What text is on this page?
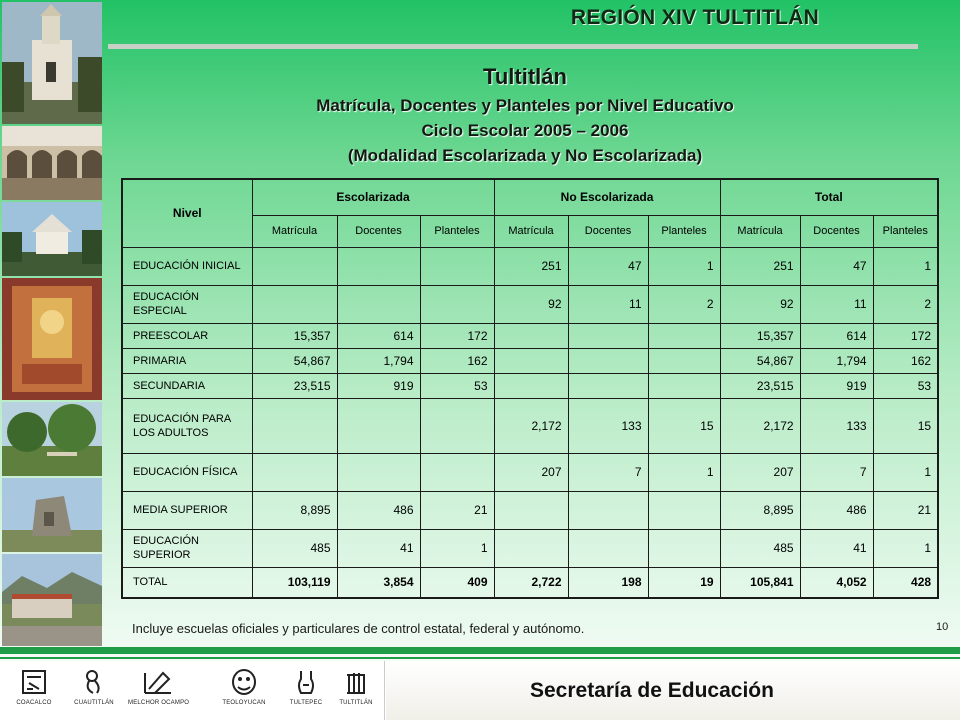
REGIÓN XIV TULTITLÁN
Tultitlán
Matrícula, Docentes y Planteles por Nivel Educativo
Ciclo Escolar 2005 – 2006
(Modalidad Escolarizada y No Escolarizada)
Nivel	Escolarizada			No Escolarizada			Total		
	Matrícula	Docentes	Planteles	Matrícula	Docentes	Planteles	Matrícula	Docentes	Planteles
EDUCACIÓN INICIAL				251	47	1	251	47	1
EDUCACIÓN ESPECIAL				92	11	2	92	11	2
PREESCOLAR	15,357	614	172				15,357	614	172
PRIMARIA	54,867	1,794	162				54,867	1,794	162
SECUNDARIA	23,515	919	53				23,515	919	53
EDUCACIÓN PARA LOS ADULTOS				2,172	133	15	2,172	133	15
EDUCACIÓN FÍSICA				207	7	1	207	7	1
MEDIA SUPERIOR	8,895	486	21				8,895	486	21
EDUCACIÓN SUPERIOR	485	41	1				485	41	1
TOTAL	103,119	3,854	409	2,722	198	19	105,841	4,052	428
Incluye escuelas oficiales y particulares de control estatal, federal y autónomo.	10
COACALCO	CUAUTITLÁN	MELCHOR OCAMPO	TEOLOYUCAN	TULTEPEC	TULTITLÁN
Secretaría de Educación
